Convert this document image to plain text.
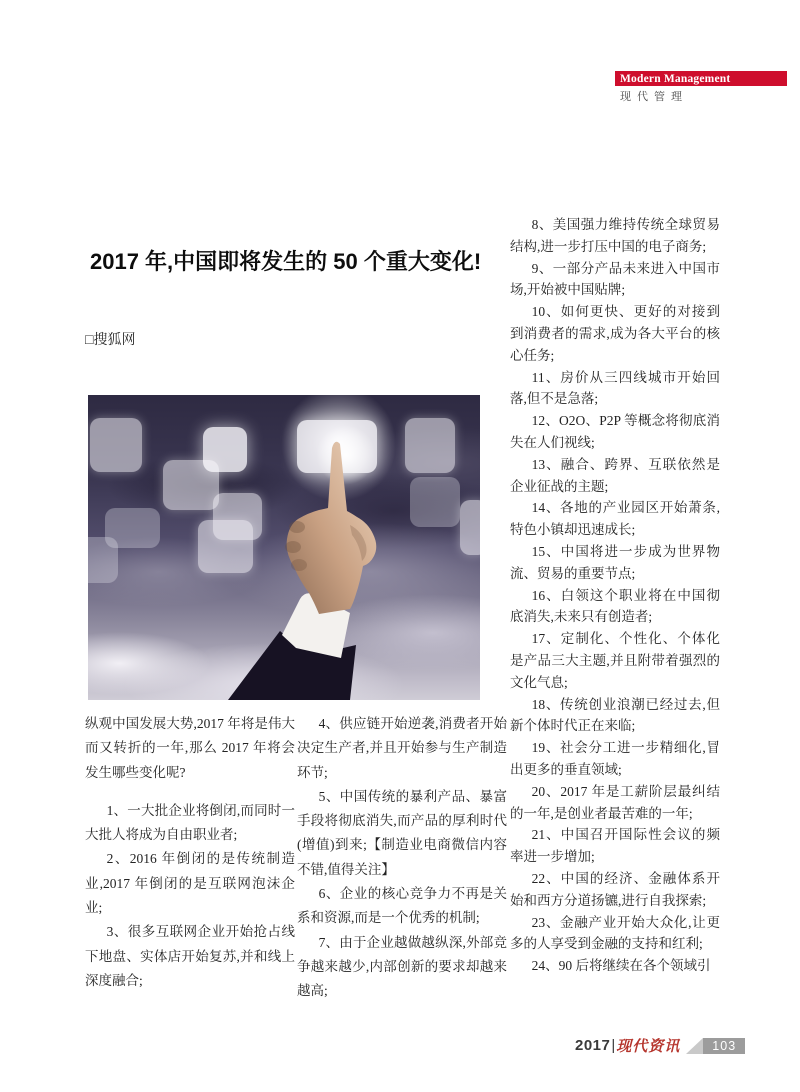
Modern Management
现代管理
2017 年,中国即将发生的 50 个重大变化!
□搜狐网

纵观中国发展大势,2017 年将是伟大而又转折的一年,那么 2017 年将会发生哪些变化呢?

1、一大批企业将倒闭,而同时一大批人将成为自由职业者;

2、2016 年倒闭的是传统制造业,2017 年倒闭的是互联网泡沫企业;

3、很多互联网企业开始抢占线下地盘、实体店开始复苏,并和线上深度融合;

4、供应链开始逆袭,消费者开始决定生产者,并且开始参与生产制造环节;

5、中国传统的暴利产品、暴富手段将彻底消失,而产品的厚利时代(增值)到来;【制造业电商微信内容不错,值得关注】

6、企业的核心竞争力不再是关系和资源,而是一个优秀的机制;

7、由于企业越做越纵深,外部竞争越来越少,内部创新的要求却越来越高;

8、美国强力维持传统全球贸易结构,进一步打压中国的电子商务;

9、一部分产品未来进入中国市场,开始被中国贴牌;

10、如何更快、更好的对接到到消费者的需求,成为各大平台的核心任务;

11、房价从三四线城市开始回落,但不是急落;

12、O2O、P2P 等概念将彻底消失在人们视线;

13、融合、跨界、互联依然是企业征战的主题;

14、各地的产业园区开始萧条,特色小镇却迅速成长;

15、中国将进一步成为世界物流、贸易的重要节点;

16、白领这个职业将在中国彻底消失,未来只有创造者;

17、定制化、个性化、个体化是产品三大主题,并且附带着强烈的文化气息;

18、传统创业浪潮已经过去,但新个体时代正在来临;

19、社会分工进一步精细化,冒出更多的垂直领域;

20、2017 年是工薪阶层最纠结的一年,是创业者最苦难的一年;

21、中国召开国际性会议的频率进一步增加;

22、中国的经济、金融体系开始和西方分道扬镳,进行自我探索;

23、金融产业开始大众化,让更多的人享受到金融的支持和红利;

24、90 后将继续在各个领域引

2017 | 现代资讯	103
